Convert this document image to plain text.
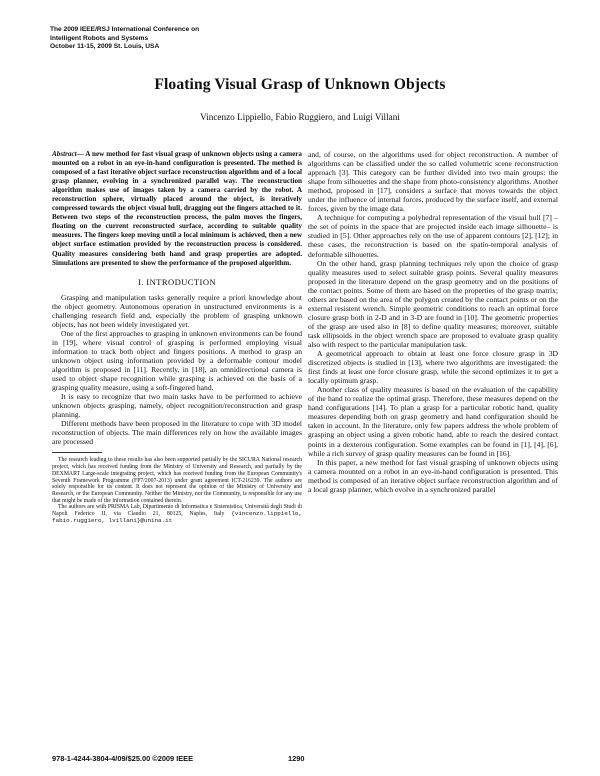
The 2009 IEEE/RSJ International Conference on
Intelligent Robots and Systems
October 11-15, 2009 St. Louis, USA
Floating Visual Grasp of Unknown Objects
Vincenzo Lippiello, Fabio Ruggiero, and Luigi Villani

Abstract— A new method for fast visual grasp of unknown objects using a camera mounted on a robot in an eye-in-hand configuration is presented. The method is composed of a fast iterative object surface reconstruction algorithm and of a local grasp planner, evolving in a synchronized parallel way. The reconstruction algorithm makes use of images taken by a camera carried by the robot. A reconstruction sphere, virtually placed around the object, is iteratively compressed towards the object visual hull, dragging out the fingers attached to it. Between two steps of the reconstruction process, the palm moves the fingers, floating on the current reconstructed surface, according to suitable quality measures. The fingers keep moving until a local minimum is achieved, then a new object surface estimation provided by the reconstruction process is considered. Quality measures considering both hand and grasp properties are adopted. Simulations are presented to show the performance of the proposed algorithm.

I. INTRODUCTION

Grasping and manipulation tasks generally require a priori knowledge about the object geometry. Autonomous operation in unstructured environments is a challenging research field and, especially the problem of grasping unknown objects, has not been widely investigated yet.

One of the first approaches to grasping in unknown environments can be found in [19], where visual control of grasping is performed employing visual information to track both object and fingers positions. A method to grasp an unknown object using information provided by a deformable contour model algorithm is proposed in [11]. Recently, in [18], an omnidirectional camera is used to object shape recognition while grasping is achieved on the basis of a grasping quality measure, using a soft-fingered hand.

It is easy to recognize that two main tasks have to be performed to achieve unknown objects grasping, namely, object recognition/reconstruction and grasp planning.

Different methods have been proposed in the literature to cope with 3D model reconstruction of objects. The main differences rely on how the available images are processed

The research leading to these results has also been supported partially by the SICURA National research project, which has received funding from the Ministry of University and Research, and partially by the DEXMART Large-scale integrating project, which has received funding from the European Community's Seventh Framework Programme (FP7/2007-2013) under grant agreement ICT-216239. The authors are solely responsible for its content. It does not represent the opinion of the Ministry of University and Research, or the European Community. Neither the Ministry, nor the Community, is responsible for any use that might be made of the information contained therein.

The authors are with PRISMA Lab, Dipartimento di Informatica e Sistemistica, Università degli Studi di Napoli Federico II, via Claudio 21, 80125, Naples, Italy {vincenzo.lippiello, fabio.ruggiero, lvillani}@unina.it

and, of course, on the algorithms used for object reconstruction. A number of algorithms can be classified under the so called volumetric scene reconstruction approach [3]. This category can be further divided into two main groups: the shape from silhouettes and the shape from photo-consistency algorithms. Another method, proposed in [17], considers a surface that moves towards the object under the influence of internal forces, produced by the surface itself, and external forces, given by the image data.

A technique for computing a polyhedral representation of the visual hull [7] –the set of points in the space that are projected inside each image silhouette– is studied in [5]. Other approaches rely on the use of apparent contours [2], [12]; in these cases, the reconstruction is based on the spatio-temporal analysis of deformable silhouettes.

On the other hand, grasp planning techniques rely upon the choice of grasp quality measures used to select suitable grasp points. Several quality measures proposed in the literature depend on the grasp geometry and on the positions of the contact points. Some of them are based on the properties of the grasp matrix; others are based on the area of the polygon created by the contact points or on the external resistent wrench. Simple geometric conditions to reach an optimal force closure grasp both in 2-D and in 3-D are found in [10]. The geometric properties of the grasp are used also in [8] to define quality measures; moreover, suitable task ellipsoids in the object wrench space are proposed to evaluate grasp quality also with respect to the particular manipulation task.

A geometrical approach to obtain at least one force closure grasp in 3D discretized objects is studied in [13], where two algorithms are investigated: the first finds at least one force closure grasp, while the second optimizes it to get a locally optimum grasp.

Another class of quality measures is based on the evaluation of the capability of the hand to realize the optimal grasp. Therefore, these measures depend on the hand configurations [14]. To plan a grasp for a particular robotic hand, quality measures depending both on grasp geometry and hand configuration should be taken in account. In the literature, only few papers address the whole problem of grasping an object using a given robotic hand, able to reach the desired contact points in a dexterous configuration. Some examples can be found in [1], [4], [6], while a rich survey of grasp quality measures can be found in [16].

In this paper, a new method for fast visual grasping of unknown objects using a camera mounted on a robot in an eye-in-hand configuration is presented. This method is composed of an iterative object surface reconstruction algorithm and of a local grasp planner, which evolve in a synchronized parallel

978-1-4244-3804-4/09/$25.00 ©2009 IEEE	1290
